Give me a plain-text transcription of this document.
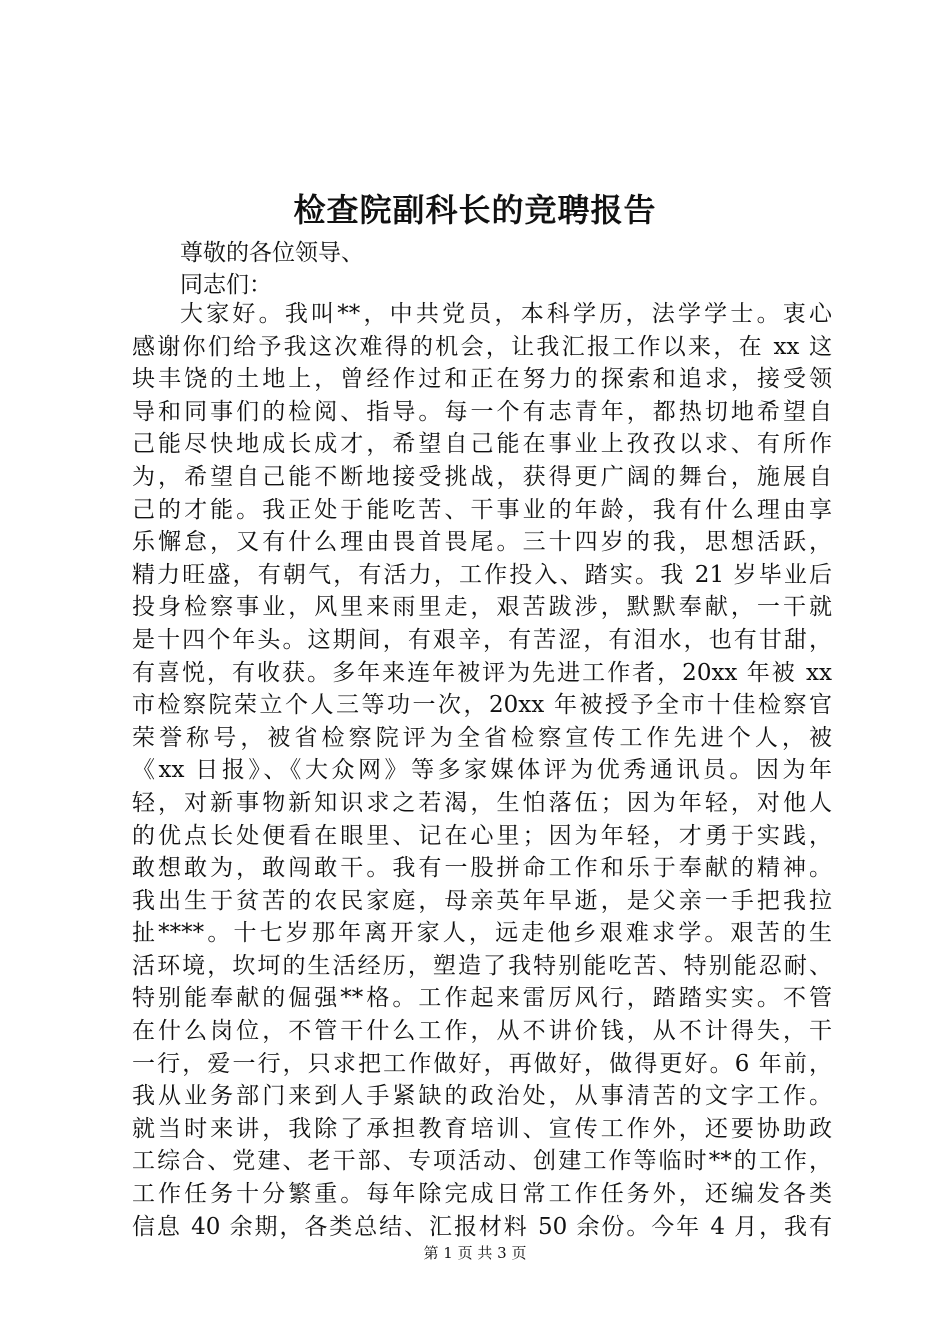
检查院副科长的竞聘报告

尊敬的各位领导、

同志们：

大家好。我叫**，中共党员，本科学历，法学学士。衷心
感谢你们给予我这次难得的机会，让我汇报工作以来，在 xx 这
块丰饶的土地上，曾经作过和正在努力的探索和追求，接受领
导和同事们的检阅、指导。每一个有志青年，都热切地希望自
己能尽快地成长成才，希望自己能在事业上孜孜以求、有所作
为，希望自己能不断地接受挑战，获得更广阔的舞台，施展自
己的才能。我正处于能吃苦、干事业的年龄，我有什么理由享
乐懈怠，又有什么理由畏首畏尾。三十四岁的我，思想活跃，
精力旺盛，有朝气，有活力，工作投入、踏实。我 21 岁毕业后
投身检察事业，风里来雨里走，艰苦跋涉，默默奉献，一干就
是十四个年头。这期间，有艰辛，有苦涩，有泪水，也有甘甜，
有喜悦，有收获。多年来连年被评为先进工作者，20xx 年被 xx
市检察院荣立个人三等功一次，20xx 年被授予全市十佳检察官
荣誉称号，被省检察院评为全省检察宣传工作先进个人，被
《xx 日报》、《大众网》等多家媒体评为优秀通讯员。因为年
轻，对新事物新知识求之若渴，生怕落伍；因为年轻，对他人
的优点长处便看在眼里、记在心里；因为年轻，才勇于实践，
敢想敢为，敢闯敢干。我有一股拼命工作和乐于奉献的精神。
我出生于贫苦的农民家庭，母亲英年早逝，是父亲一手把我拉
扯****。十七岁那年离开家人，远走他乡艰难求学。艰苦的生
活环境，坎坷的生活经历，塑造了我特别能吃苦、特别能忍耐、
特别能奉献的倔强**格。工作起来雷厉风行，踏踏实实。不管
在什么岗位，不管干什么工作，从不讲价钱，从不计得失，干
一行，爱一行，只求把工作做好，再做好，做得更好。6 年前，
我从业务部门来到人手紧缺的政治处，从事清苦的文字工作。
就当时来讲，我除了承担教育培训、宣传工作外，还要协助政
工综合、党建、老干部、专项活动、创建工作等临时**的工作，
工作任务十分繁重。每年除完成日常工作任务外，还编发各类
信息 40 余期，各类总结、汇报材料 50 余份。今年 4 月，我有

第 1 页 共 3 页
